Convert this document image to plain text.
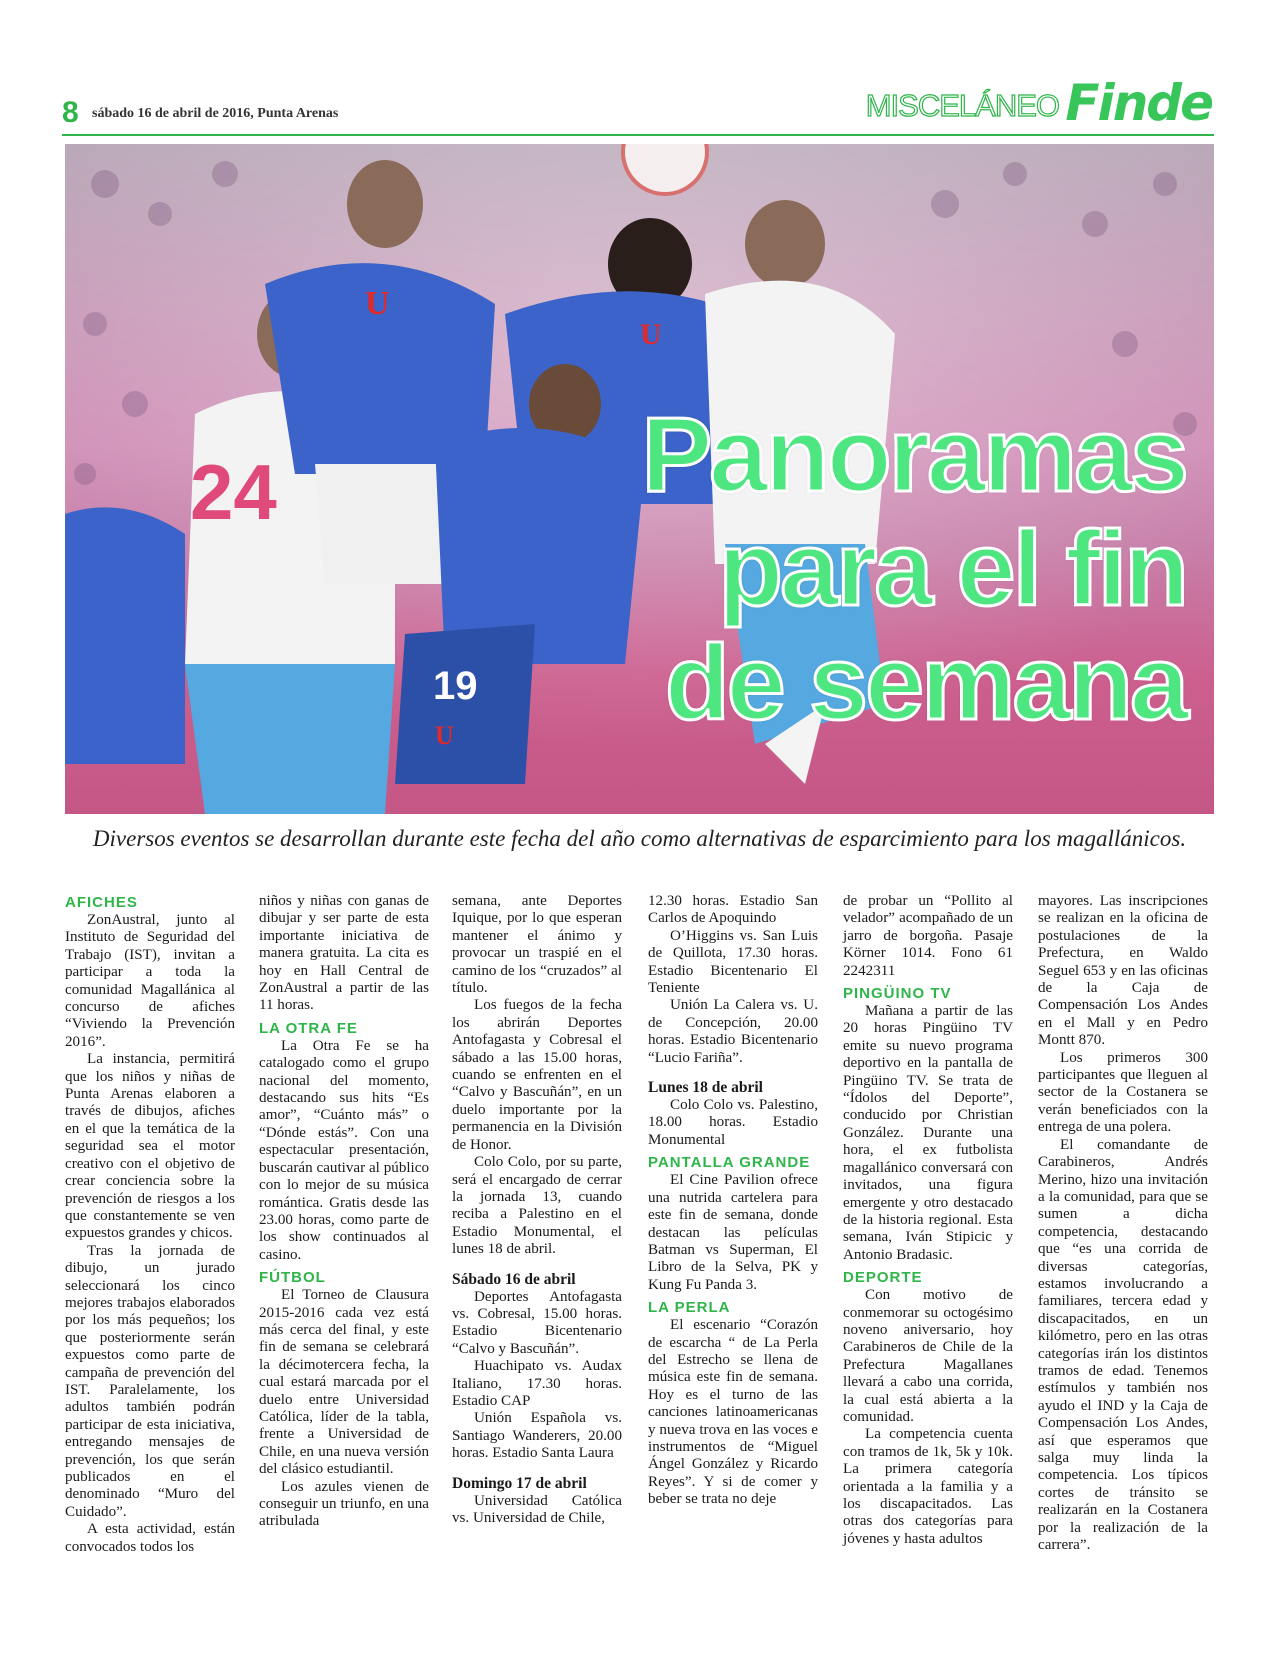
8 sábado 16 de abril de 2016, Punta Arenas	MISCELÁNEO Finde
24
19
U
U
U
Panoramas
para el fin
de semana
Diversos eventos se desarrollan durante este fecha del año como alternativas de esparcimiento para los magallánicos.
AFICHES

ZonAustral, junto al Instituto de Seguridad del Trabajo (IST), invitan a participar a toda la comunidad Magallánica al concurso de afiches “Viviendo la Prevención 2016”.

La instancia, permitirá que los niños y niñas de Punta Arenas elaboren a través de dibujos, afiches en el que la temática de la seguridad sea el motor creativo con el objetivo de crear conciencia sobre la prevención de riesgos a los que constantemente se ven expuestos grandes y chicos.

Tras la jornada de dibujo, un jurado seleccionará los cinco mejores trabajos elaborados por los más pequeños; los que posteriormente serán expuestos como parte de campaña de prevención del IST. Paralelamente, los adultos también podrán participar de esta iniciativa, entregando mensajes de prevención, los que serán publicados en el denominado “Muro del Cuidado”.

A esta actividad, están convocados todos los

niños y niñas con ganas de dibujar y ser parte de esta importante iniciativa de manera gratuita. La cita es hoy en Hall Central de ZonAustral a partir de las 11 horas.

LA OTRA FE

La Otra Fe se ha catalogado como el grupo nacional del momento, destacando sus hits “Es amor”, “Cuánto más” o “Dónde estás”. Con una espectacular presentación, buscarán cautivar al público con lo mejor de su música romántica. Gratis desde las 23.00 horas, como parte de los show continuados al casino.

FÚTBOL

El Torneo de Clausura 2015-2016 cada vez está más cerca del final, y este fin de semana se celebrará la décimotercera fecha, la cual estará marcada por el duelo entre Universidad Católica, líder de la tabla, frente a Universidad de Chile, en una nueva versión del clásico estudiantil.

Los azules vienen de conseguir un triunfo, en una atribulada

semana, ante Deportes Iquique, por lo que esperan mantener el ánimo y provocar un traspié en el camino de los “cruzados” al título.

Los fuegos de la fecha los abrirán Deportes Antofagasta y Cobresal el sábado a las 15.00 horas, cuando se enfrenten en el “Calvo y Bascuñán”, en un duelo importante por la permanencia en la División de Honor.

Colo Colo, por su parte, será el encargado de cerrar la jornada 13, cuando reciba a Palestino en el Estadio Monumental, el lunes 18 de abril.

Sábado 16 de abril

Deportes Antofagasta vs. Cobresal, 15.00 horas. Estadio Bicentenario “Calvo y Bascuñán”.

Huachipato vs. Audax Italiano, 17.30 horas. Estadio CAP

Unión Española vs. Santiago Wanderers, 20.00 horas. Estadio Santa Laura

Domingo 17 de abril

Universidad Católica vs. Universidad de Chile,

12.30 horas. Estadio San Carlos de Apoquindo

O’Higgins vs. San Luis de Quillota, 17.30 horas. Estadio Bicentenario El Teniente

Unión La Calera vs. U. de Concepción, 20.00 horas. Estadio Bicentenario “Lucio Fariña”.

Lunes 18 de abril

Colo Colo vs. Palestino, 18.00 horas. Estadio Monumental

PANTALLA GRANDE

El Cine Pavilion ofrece una nutrida cartelera para este fin de semana, donde destacan las películas Batman vs Superman, El Libro de la Selva, PK y Kung Fu Panda 3.

LA PERLA

El escenario “Corazón de escarcha “ de La Perla del Estrecho se llena de música este fin de semana. Hoy es el turno de las canciones latinoamericanas y nueva trova en las voces e instrumentos de “Miguel Ángel González y Ricardo Reyes”. Y si de comer y beber se trata no deje

de probar un “Pollito al velador” acompañado de un jarro de borgoña. Pasaje Körner 1014. Fono 61 2242311

PINGÜINO TV

Mañana a partir de las 20 horas Pingüino TV emite su nuevo programa deportivo en la pantalla de Pingüino TV. Se trata de “Ídolos del Deporte”, conducido por Christian González. Durante una hora, el ex futbolista magallánico conversará con invitados, una figura emergente y otro destacado de la historia regional. Esta semana, Iván Stipicic y Antonio Bradasic.

DEPORTE

Con motivo de conmemorar su octogésimo noveno aniversario, hoy Carabineros de Chile de la Prefectura Magallanes llevará a cabo una corrida, la cual está abierta a la comunidad.

La competencia cuenta con tramos de 1k, 5k y 10k. La primera categoría orientada a la familia y a los discapacitados. Las otras dos categorías para jóvenes y hasta adultos

mayores. Las inscripciones se realizan en la oficina de postulaciones de la Prefectura, en Waldo Seguel 653 y en las oficinas de la Caja de Compensación Los Andes en el Mall y en Pedro Montt 870.

Los primeros 300 participantes que lleguen al sector de la Costanera se verán beneficiados con la entrega de una polera.

El comandante de Carabineros, Andrés Merino, hizo una invitación a la comunidad, para que se sumen a dicha competencia, destacando que “es una corrida de diversas categorías, estamos involucrando a familiares, tercera edad y discapacitados, en un kilómetro, pero en las otras categorías irán los distintos tramos de edad. Tenemos estímulos y también nos ayudo el IND y la Caja de Compensación Los Andes, así que esperamos que salga muy linda la competencia. Los típicos cortes de tránsito se realizarán en la Costanera por la realización de la carrera”.
